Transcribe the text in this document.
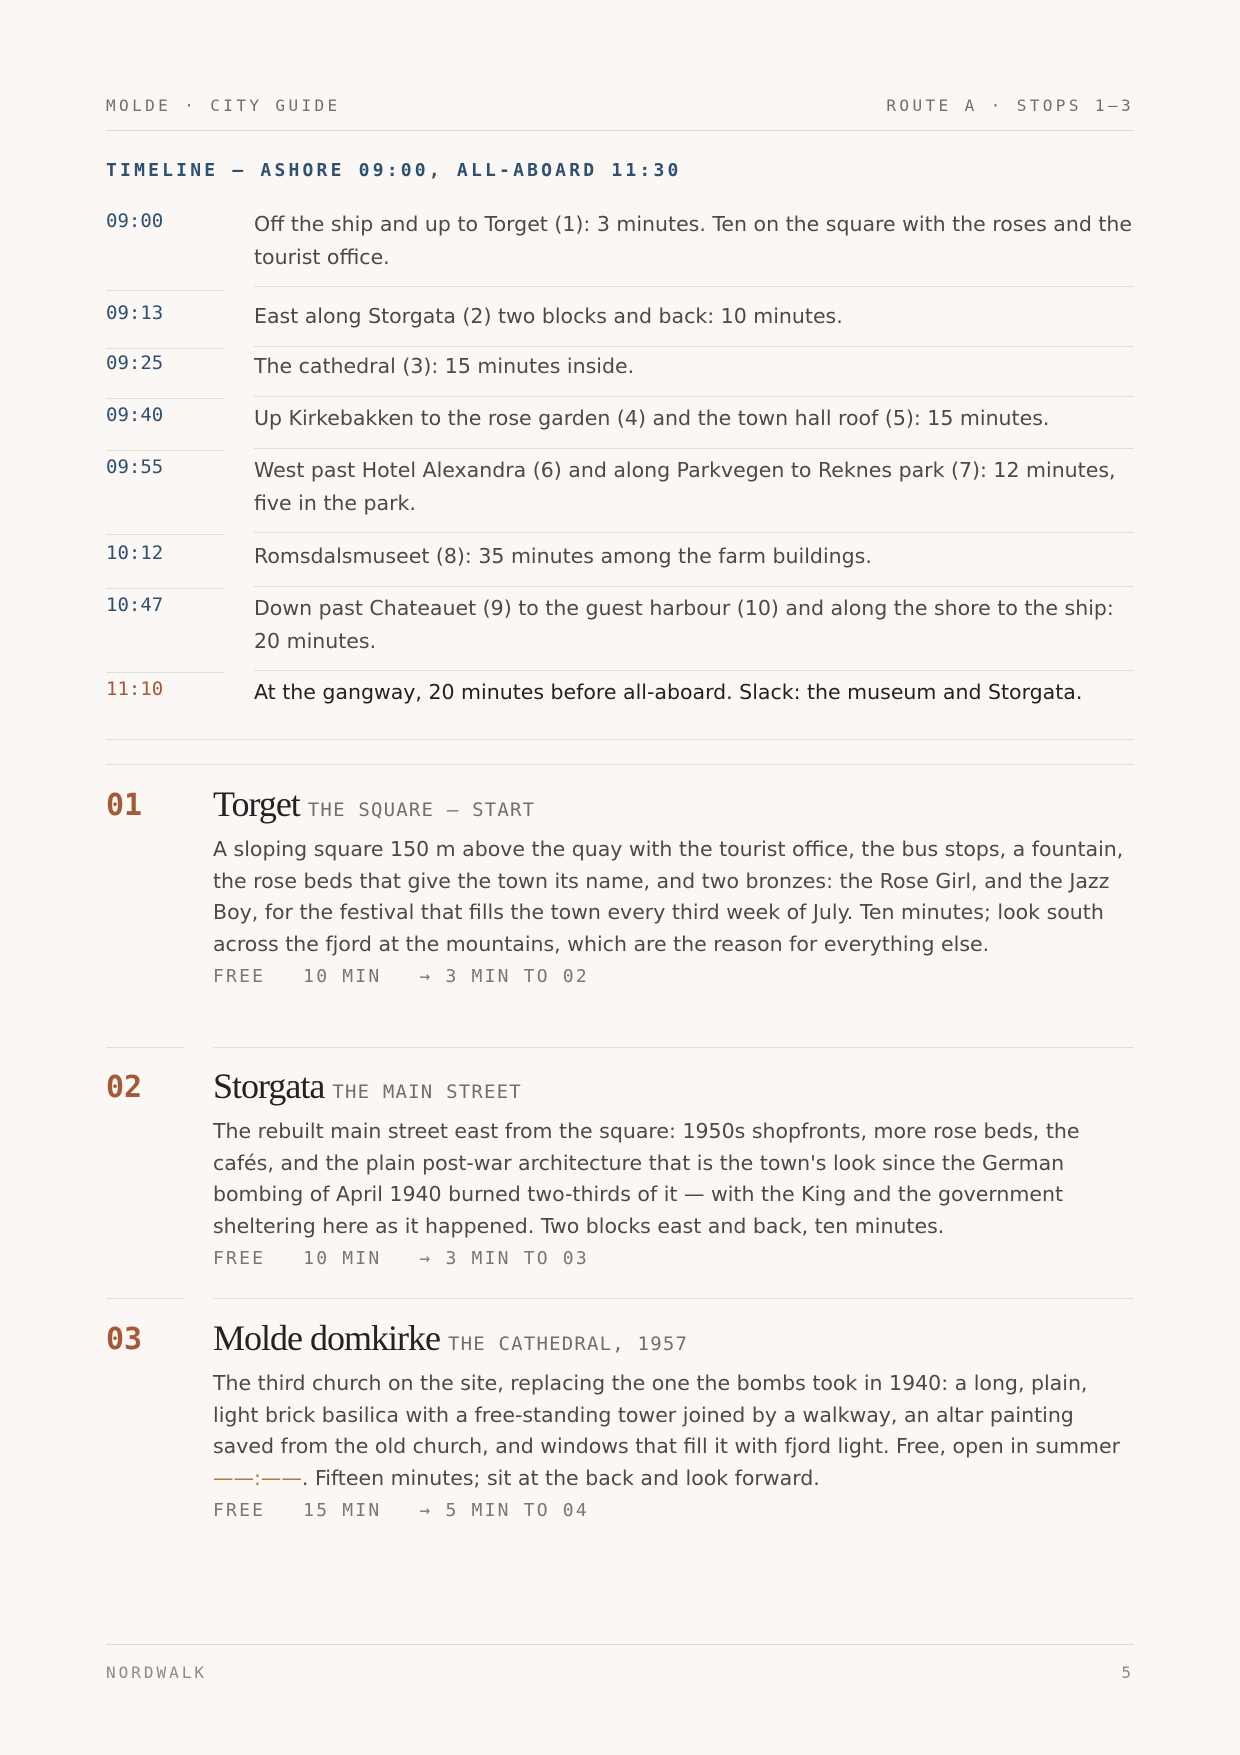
MOLDE · CITY GUIDE	ROUTE A · STOPS 1–3
TIMELINE — ASHORE 09:00, ALL-ABOARD 11:30
09:00	Off the ship and up to Torget (1): 3 minutes. Ten on the square with the roses and the tourist office.
09:13	East along Storgata (2) two blocks and back: 10 minutes.
09:25	The cathedral (3): 15 minutes inside.
09:40	Up Kirkebakken to the rose garden (4) and the town hall roof (5): 15 minutes.
09:55	West past Hotel Alexandra (6) and along Parkvegen to Reknes park (7): 12 minutes, five in the park.
10:12	Romsdalsmuseet (8): 35 minutes among the farm buildings.
10:47	Down past Chateauet (9) to the guest harbour (10) and along the shore to the ship: 20 minutes.
11:10	At the gangway, 20 minutes before all-aboard. Slack: the museum and Storgata.
01	Torget THE SQUARE — START
A sloping square 150 m above the quay with the tourist office, the bus stops, a fountain, the rose beds that give the town its name, and two bronzes: the Rose Girl, and the Jazz Boy, for the festival that fills the town every third week of July. Ten minutes; look south across the fjord at the mountains, which are the reason for everything else.
FREE 10 MIN → 3 MIN TO 02
02	Storgata THE MAIN STREET
The rebuilt main street east from the square: 1950s shopfronts, more rose beds, the cafés, and the plain post-war architecture that is the town's look since the German bombing of April 1940 burned two-thirds of it — with the King and the government sheltering here as it happened. Two blocks east and back, ten minutes.
FREE 10 MIN → 3 MIN TO 03
03	Molde domkirke THE CATHEDRAL, 1957
The third church on the site, replacing the one the bombs took in 1940: a long, plain, light brick basilica with a free-standing tower joined by a walkway, an altar painting saved from the old church, and windows that fill it with fjord light. Free, open in summer ——:——. Fifteen minutes; sit at the back and look forward.
FREE 15 MIN → 5 MIN TO 04
NORDWALK	5
